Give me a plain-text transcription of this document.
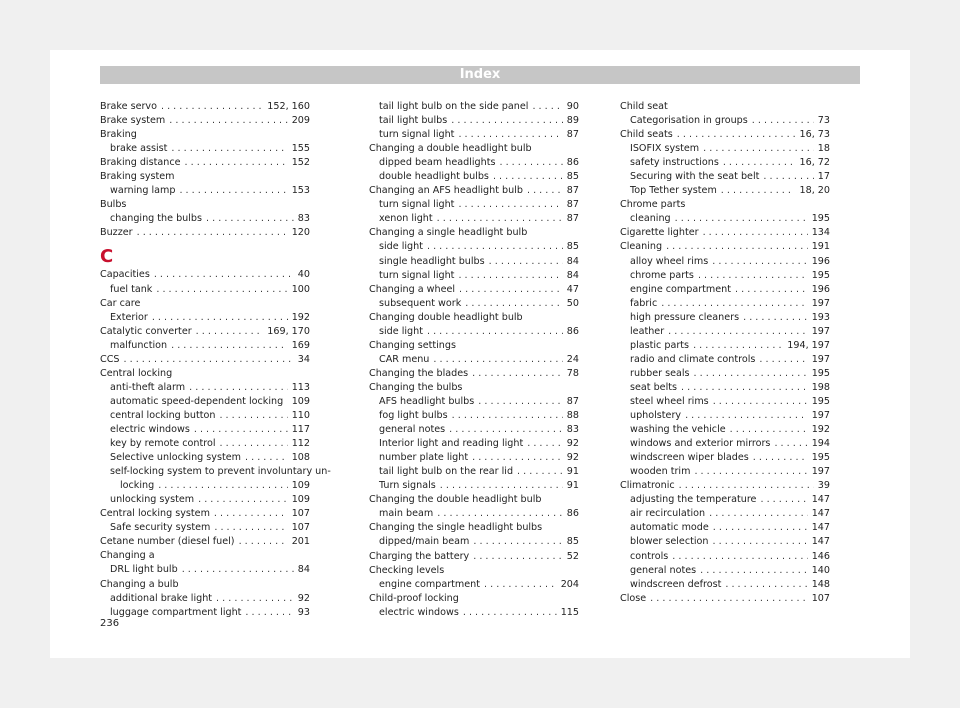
Index
Brake servo . . .	152, 160
Brake system . . .	209
Braking
brake assist . . .	155
Braking distance . . .	152
Braking system
warning lamp . . .	153
Bulbs
changing the bulbs . . .	83
Buzzer . . .	120
C
Capacities . . .	40
fuel tank . . .	100
Car care
Exterior . . .	192
Catalytic converter . . .	169, 170
malfunction . . .	169
CCS . . .	34
Central locking
anti-theft alarm . . .	113
automatic speed-dependent locking . . . 109
central locking button . . .	110
electric windows . . .	117
key by remote control . . .	112
Selective unlocking system . . .	108
self-locking system to prevent involuntary un-
locking . . .	109
unlocking system . . .	109
Central locking system . . .	107
Safe security system . . .	107
Cetane number (diesel fuel) . . .	201
Changing a
DRL light bulb . . .	84
Changing a bulb
additional brake light . . .	92
luggage compartment light . . .	93
tail light bulb on the side panel . . .	90
tail light bulbs . . .	89
turn signal light . . .	87
Changing a double headlight bulb
dipped beam headlights . . .	86
double headlight bulbs . . .	85
Changing an AFS headlight bulb . . .	87
turn signal light . . .	87
xenon light . . .	87
Changing a single headlight bulb
side light . . .	85
single headlight bulbs . . .	84
turn signal light . . .	84
Changing a wheel . . .	47
subsequent work . . .	50
Changing double headlight bulb
side light . . .	86
Changing settings
CAR menu . . .	24
Changing the blades . . .	78
Changing the bulbs
AFS headlight bulbs . . .	87
fog light bulbs . . .	88
general notes . . .	83
Interior light and reading light . . .	92
number plate light . . .	92
tail light bulb on the rear lid . . .	91
Turn signals . . .	91
Changing the double headlight bulb
main beam . . .	86
Changing the single headlight bulbs
dipped/main beam . . .	85
Charging the battery . . .	52
Checking levels
engine compartment . . .	204
Child-proof locking
electric windows . . .	115
Child seat
Categorisation in groups . . .	73
Child seats . . .	16, 73
ISOFIX system . . .	18
safety instructions . . .	16, 72
Securing with the seat belt . . .	17
Top Tether system . . .	18, 20
Chrome parts
cleaning . . .	195
Cigarette lighter . . .	134
Cleaning . . .	191
alloy wheel rims . . .	196
chrome parts . . .	195
engine compartment . . .	196
fabric . . .	197
high pressure cleaners . . .	193
leather . . .	197
plastic parts . . .	194, 197
radio and climate controls . . .	197
rubber seals . . .	195
seat belts . . .	198
steel wheel rims . . .	195
upholstery . . .	197
washing the vehicle . . .	192
windows and exterior mirrors . . .	194
windscreen wiper blades . . .	195
wooden trim . . .	197
Climatronic . . .	39
adjusting the temperature . . .	147
air recirculation . . .	147
automatic mode . . .	147
blower selection . . .	147
controls . . .	146
general notes . . .	140
windscreen defrost . . .	148
Close . . .	107
236
